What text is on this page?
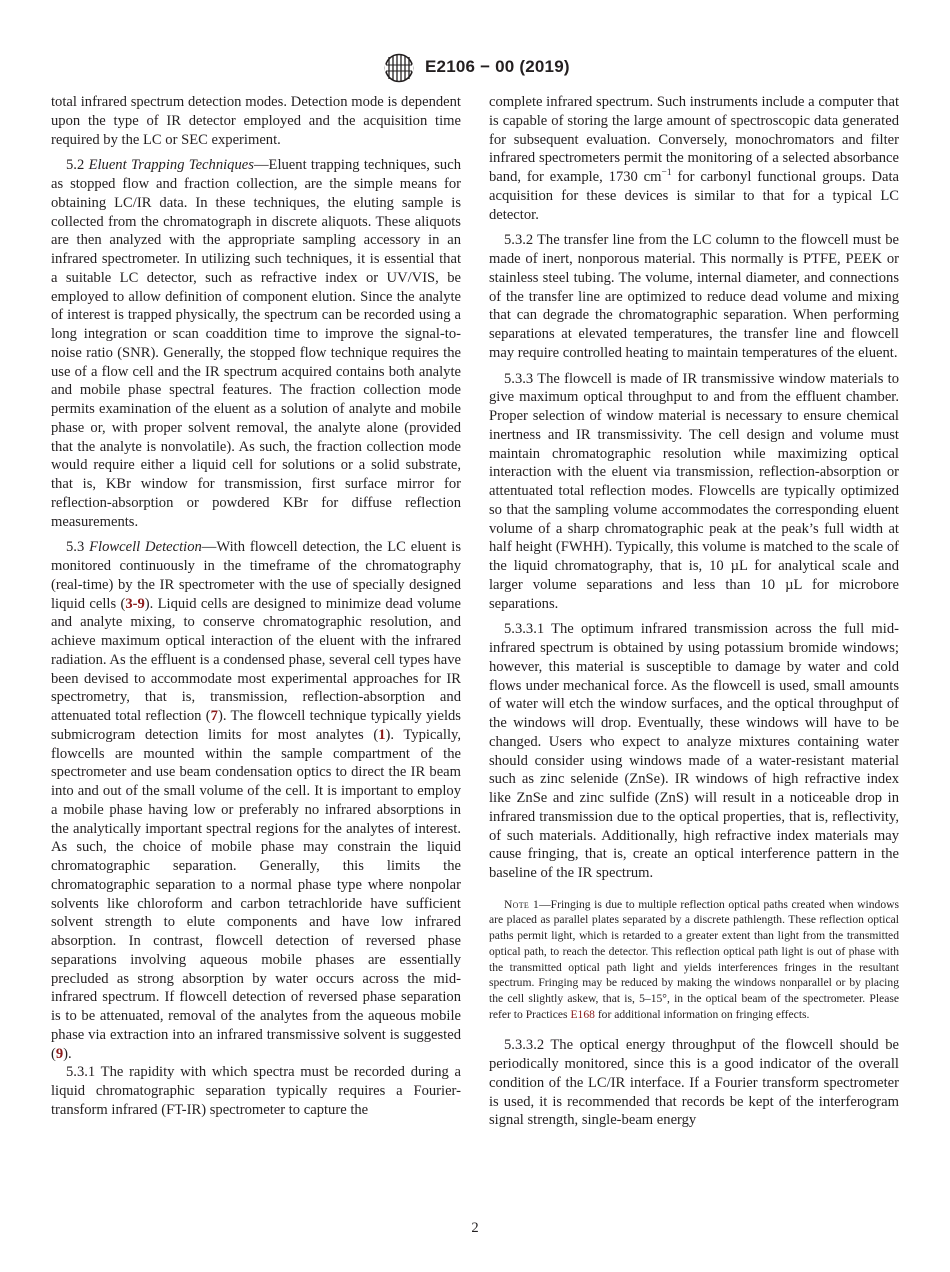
E2106 − 00 (2019)

total infrared spectrum detection modes. Detection mode is dependent upon the type of IR detector employed and the acquisition time required by the LC or SEC experiment.

5.2 Eluent Trapping Techniques—Eluent trapping techniques, such as stopped flow and fraction collection, are the simple means for obtaining LC/IR data. In these techniques, the eluting sample is collected from the chromatograph in discrete aliquots. These aliquots are then analyzed with the appropriate sampling accessory in an infrared spectrometer. In utilizing such techniques, it is essential that a suitable LC detector, such as refractive index or UV/VIS, be employed to allow definition of component elution. Since the analyte of interest is trapped physically, the spectrum can be recorded using a long integration or scan coaddition time to improve the signal-to-noise ratio (SNR). Generally, the stopped flow technique requires the use of a flow cell and the IR spectrum acquired contains both analyte and mobile phase spectral features. The fraction collection mode permits examination of the eluent as a solution of analyte and mobile phase or, with proper solvent removal, the analyte alone (provided that the analyte is nonvolatile). As such, the fraction collection mode would require either a liquid cell for solutions or a solid substrate, that is, KBr window for transmission, first surface mirror for reflection-absorption or powdered KBr for diffuse reflection measurements.

5.3 Flowcell Detection—With flowcell detection, the LC eluent is monitored continuously in the timeframe of the chromatography (real-time) by the IR spectrometer with the use of specially designed liquid cells (3-9). Liquid cells are designed to minimize dead volume and analyte mixing, to conserve chromatographic resolution, and achieve maximum optical interaction of the eluent with the infrared radiation. As the effluent is a condensed phase, several cell types have been devised to accommodate most experimental approaches for IR spectrometry, that is, transmission, reflection-absorption and attenuated total reflection (7). The flowcell technique typically yields submicrogram detection limits for most analytes (1). Typically, flowcells are mounted within the sample compartment of the spectrometer and use beam condensation optics to direct the IR beam into and out of the small volume of the cell. It is important to employ a mobile phase having low or preferably no infrared absorptions in the analytically important spectral regions for the analytes of interest. As such, the choice of mobile phase may constrain the liquid chromatographic separation. Generally, this limits the chromatographic separation to a normal phase type where nonpolar solvents like chloroform and carbon tetrachloride have sufficient solvent strength to elute components and have low infrared absorption. In contrast, flowcell detection of reversed phase separations involving aqueous mobile phases are essentially precluded as strong absorption by water occurs across the mid-infrared spectrum. If flowcell detection of reversed phase separation is to be attenuated, removal of the analytes from the aqueous mobile phase via extraction into an infrared transmissive solvent is suggested (9).

5.3.1 The rapidity with which spectra must be recorded during a liquid chromatographic separation typically requires a Fourier-transform infrared (FT-IR) spectrometer to capture the

complete infrared spectrum. Such instruments include a computer that is capable of storing the large amount of spectroscopic data generated for subsequent evaluation. Conversely, monochromators and filter infrared spectrometers permit the monitoring of a selected absorbance band, for example, 1730 $cm^{-1}$ for carbonyl functional groups. Data acquisition for these devices is similar to that for a typical LC detector.

5.3.2 The transfer line from the LC column to the flowcell must be made of inert, nonporous material. This normally is PTFE, PEEK or stainless steel tubing. The volume, internal diameter, and connections of the transfer line are optimized to reduce dead volume and mixing that can degrade the chromatographic separation. When performing separations at elevated temperatures, the transfer line and flowcell may require controlled heating to maintain temperatures of the eluent.

5.3.3 The flowcell is made of IR transmissive window materials to give maximum optical throughput to and from the effluent chamber. Proper selection of window material is necessary to ensure chemical inertness and IR transmissivity. The cell design and volume must maintain chromatographic resolution while maximizing optical interaction with the eluent via transmission, reflection-absorption or attentuated total reflection modes. Flowcells are typically optimized so that the sampling volume accommodates the corresponding eluent volume of a sharp chromatographic peak at the peak’s full width at half height (FWHH). Typically, this volume is matched to the scale of the liquid chromatography, that is, 10 µL for analytical scale and larger volume separations and less than 10 µL for microbore separations.

5.3.3.1 The optimum infrared transmission across the full mid-infrared spectrum is obtained by using potassium bromide windows; however, this material is susceptible to damage by water and cold flows under mechanical force. As the flowcell is used, small amounts of water will etch the window surfaces, and the optical throughput of the windows will drop. Eventually, these windows will have to be changed. Users who expect to analyze mixtures containing water should consider using windows made of a water-resistant material such as zinc selenide (ZnSe). IR windows of high refractive index like ZnSe and zinc sulfide (ZnS) will result in a noticeable drop in infrared transmission due to the optical properties, that is, reflectivity, of such materials. Additionally, high refractive index materials may cause fringing, that is, create an optical interference pattern in the baseline of the IR spectrum.

Note 1—Fringing is due to multiple reflection optical paths created when windows are placed as parallel plates separated by a discrete pathlength. These reflection optical paths permit light, which is retarded to a greater extent than light from the transmitted optical path, to reach the detector. This reflection optical path light is out of phase with the transmitted optical path light and yields interferences fringes in the resultant spectrum. Fringing may be reduced by making the windows nonparallel or by placing the cell slightly askew, that is, 5–15°, in the optical beam of the spectrometer. Please refer to Practices E168 for additional information on fringing effects.

5.3.3.2 The optical energy throughput of the flowcell should be periodically monitored, since this is a good indicator of the overall condition of the LC/IR interface. If a Fourier transform spectrometer is used, it is recommended that records be kept of the interferogram signal strength, single-beam energy

2
